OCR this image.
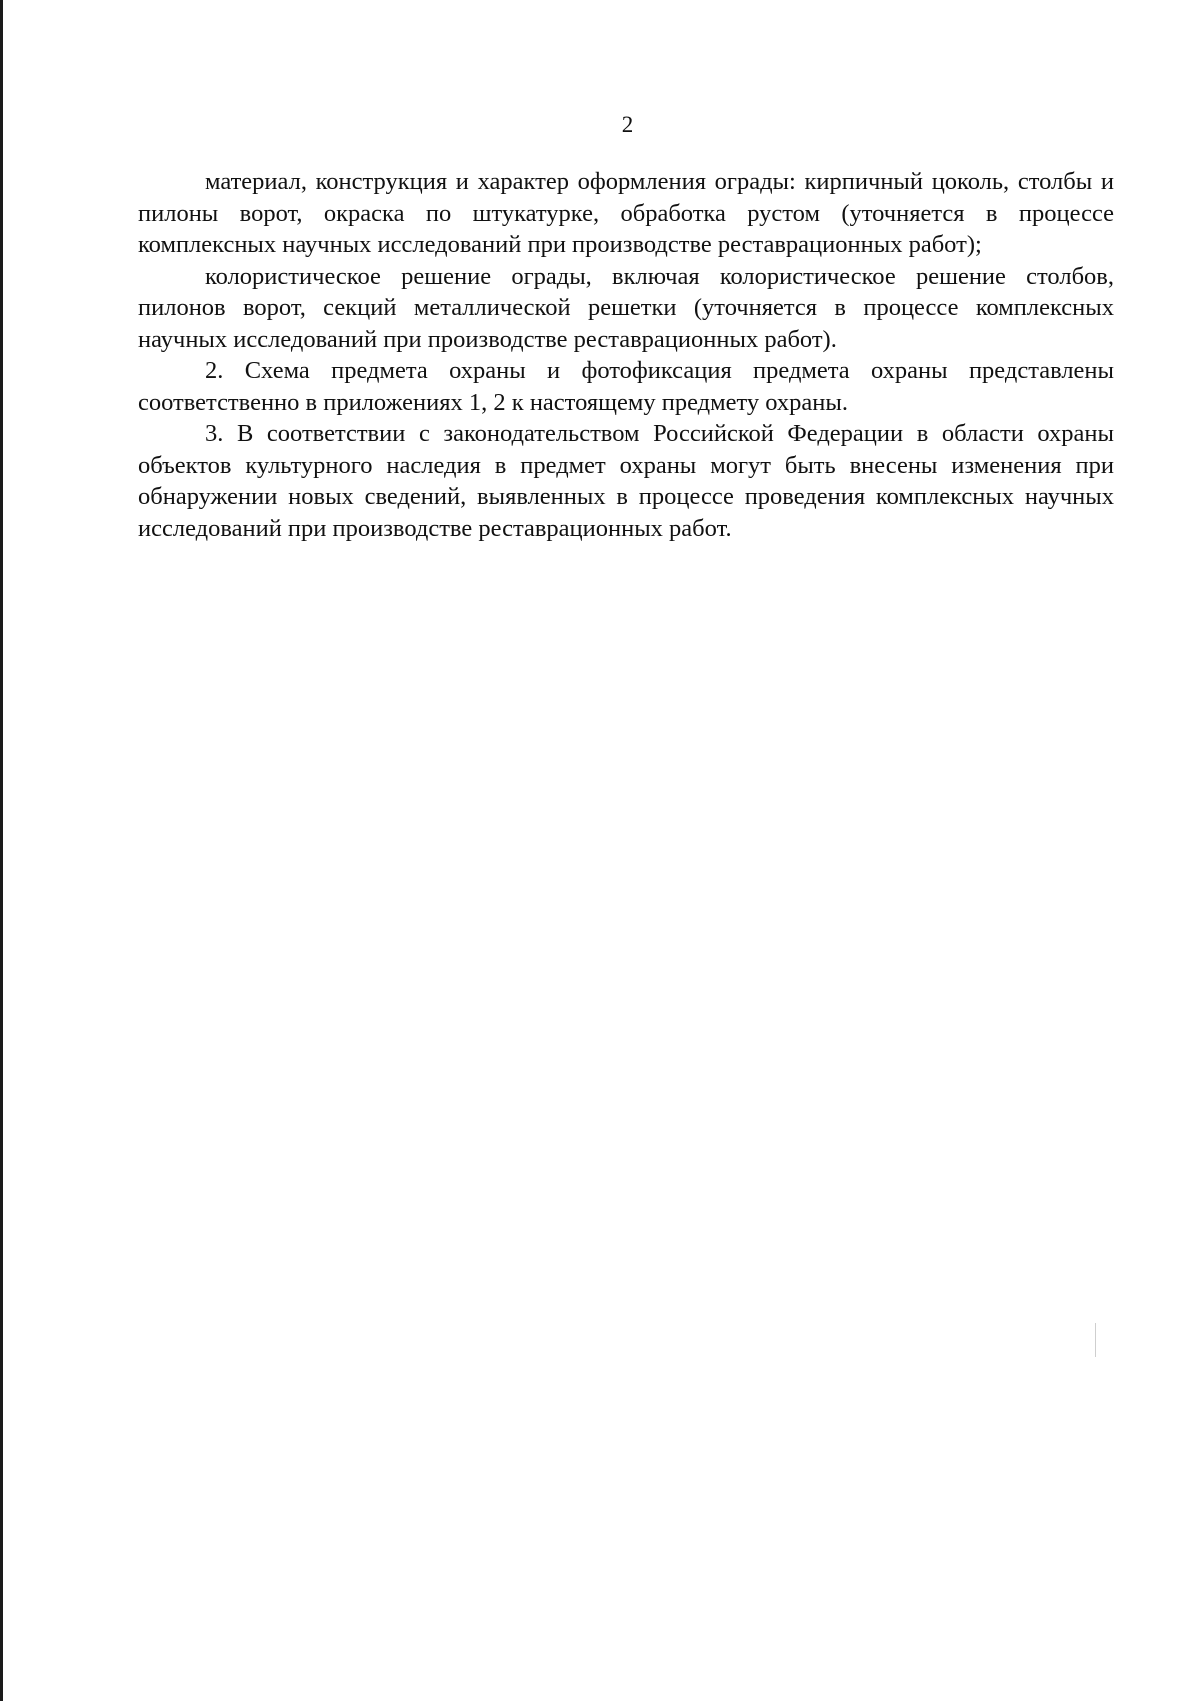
2

материал, конструкция и характер оформления ограды: кирпичный цоколь, столбы и пилоны ворот, окраска по штукатурке, обработка рустом (уточняется в процессе комплексных научных исследований при производстве реставрационных работ);

колористическое решение ограды, включая колористическое решение столбов, пилонов ворот, секций металлической решетки (уточняется в процессе комплексных научных исследований при производстве реставрационных работ).

2. Схема предмета охраны и фотофиксация предмета охраны представлены соответственно в приложениях 1, 2 к настоящему предмету охраны.

3. В соответствии с законодательством Российской Федерации в области охраны объектов культурного наследия в предмет охраны могут быть внесены изменения при обнаружении новых сведений, выявленных в процессе проведения комплексных научных исследований при производстве реставрационных работ.
